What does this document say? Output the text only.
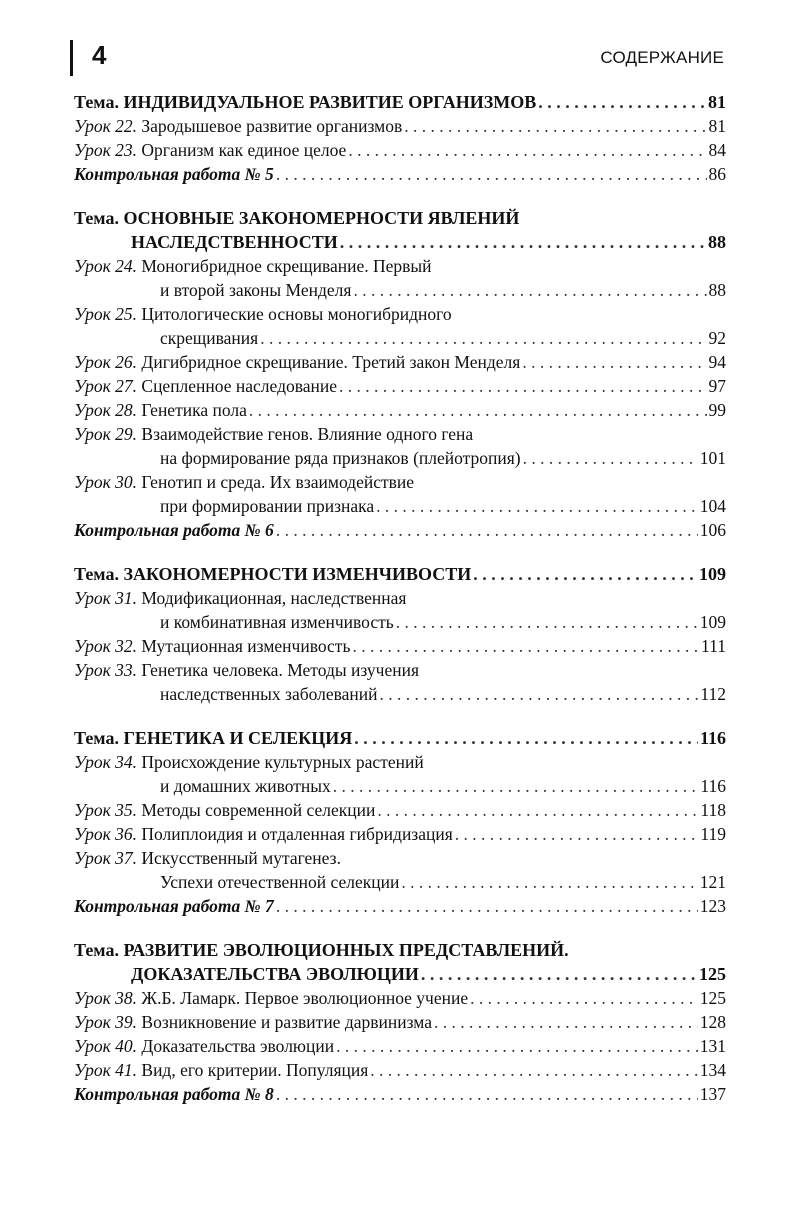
4	СОДЕРЖАНИЕ
Тема. ИНДИВИДУАЛЬНОЕ РАЗВИТИЕ ОРГАНИЗМОВ . . .	81
Урок 22. Зародышевое развитие организмов . . .	81
Урок 23. Организм как единое целое . . .	84
Контрольная работа № 5 . . .	86
Тема. ОСНОВНЫЕ ЗАКОНОМЕРНОСТИ ЯВЛЕНИЙ
НАСЛЕДСТВЕННОСТИ . . .	88
Урок 24. Моногибридное скрещивание. Первый
и второй законы Менделя . . .	88
Урок 25. Цитологические основы моногибридного
скрещивания . . .	92
Урок 26. Дигибридное скрещивание. Третий закон Менделя . . .	94
Урок 27. Сцепленное наследование . . .	97
Урок 28. Генетика пола . . .	99
Урок 29. Взаимодействие генов. Влияние одного гена
на формирование ряда признаков (плейотропия) . . .	101
Урок 30. Генотип и среда. Их взаимодействие
при формировании признака . . .	104
Контрольная работа № 6 . . .	106
Тема. ЗАКОНОМЕРНОСТИ ИЗМЕНЧИВОСТИ . . .	109
Урок 31. Модификационная, наследственная
и комбинативная изменчивость . . .	109
Урок 32. Мутационная изменчивость . . .	111
Урок 33. Генетика человека. Методы изучения
наследственных заболеваний . . .	112
Тема. ГЕНЕТИКА И СЕЛЕКЦИЯ . . .	116
Урок 34. Происхождение культурных растений
и домашних животных . . .	116
Урок 35. Методы современной селекции . . .	118
Урок 36. Полиплоидия и отдаленная гибридизация . . .	119
Урок 37. Искусственный мутагенез.
Успехи отечественной селекции . . .	121
Контрольная работа № 7 . . .	123
Тема. РАЗВИТИЕ ЭВОЛЮЦИОННЫХ ПРЕДСТАВЛЕНИЙ.
ДОКАЗАТЕЛЬСТВА ЭВОЛЮЦИИ . . .	125
Урок 38. Ж.Б. Ламарк. Первое эволюционное учение . . .	125
Урок 39. Возникновение и развитие дарвинизма . . .	128
Урок 40. Доказательства эволюции . . .	131
Урок 41. Вид, его критерии. Популяция . . .	134
Контрольная работа № 8 . . .	137
